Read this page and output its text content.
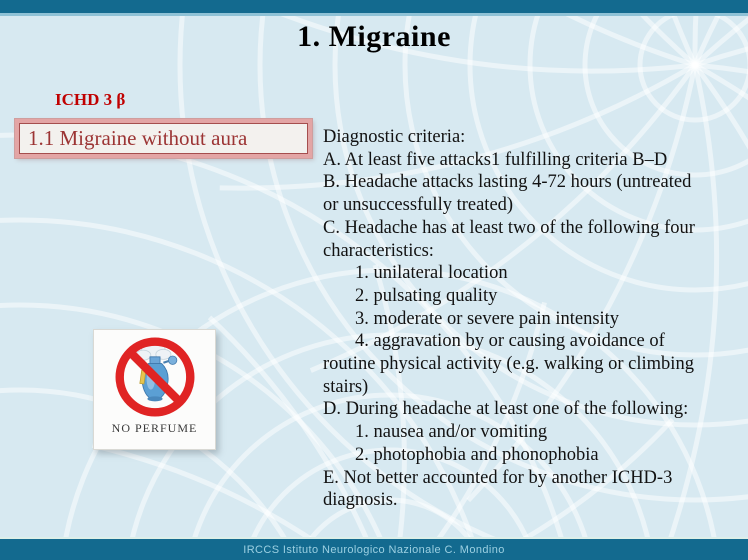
1. Migraine
ICHD 3 β
1.1 Migraine without aura	Diagnostic criteria:
A. At least five attacks1 fulfilling criteria B–D
B. Headache attacks lasting 4-72 hours (untreated
or unsuccessfully treated)
C. Headache has at least two of the following four
characteristics:
1. unilateral location
2. pulsating quality
3. moderate or severe pain intensity
4. aggravation by or causing avoidance of
routine physical activity (e.g. walking or climbing
stairs)
D. During headache at least one of the following:
1. nausea and/or vomiting
2. photophobia and phonophobia
E. Not better accounted for by another ICHD-3
diagnosis.
NO PERFUME
IRCCS Istituto Neurologico Nazionale C. Mondino
